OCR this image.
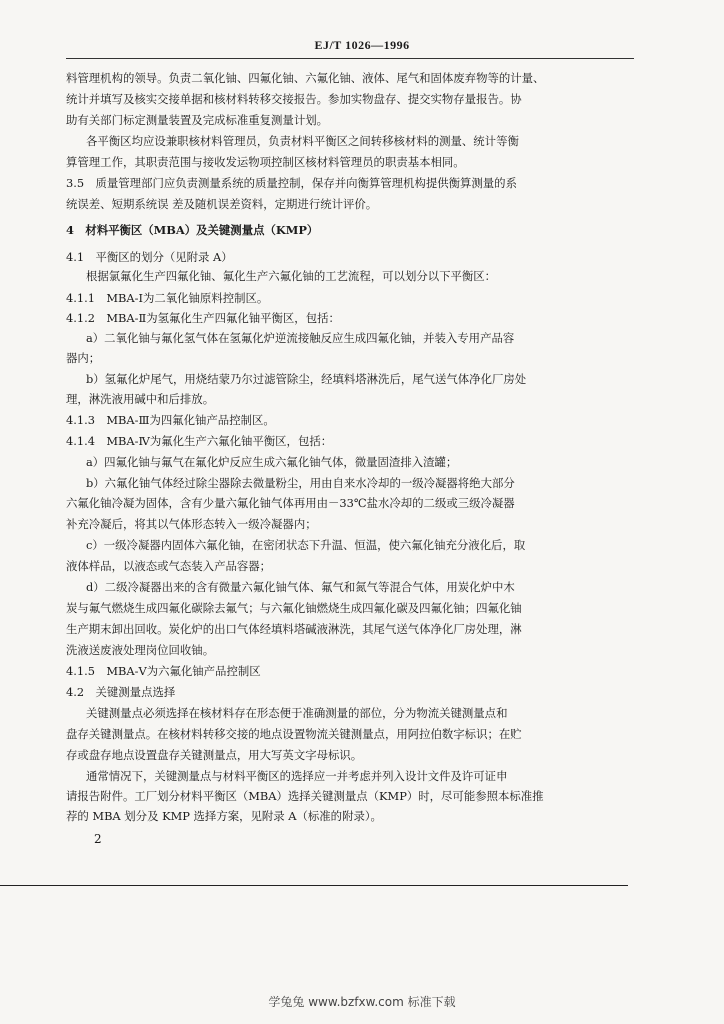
EJ/T 1026—1996
料管理机构的领导。负责二氧化铀、四氟化铀、六氟化铀、液体、尾气和固体废弃物等的计量、
统计并填写及核实交接单据和核材料转移交接报告。参加实物盘存、提交实物存量报告。协
助有关部门标定测量装置及完成标准重复测量计划。
各平衡区均应设兼职核材料管理员，负责材料平衡区之间转移核材料的测量、统计等衡
算管理工作，其职责范围与接收发运物项控制区核材料管理员的职责基本相同。
3.5　质量管理部门应负责测量系统的质量控制，保存并向衡算管理机构提供衡算测量的系
统误差、短期系统误 差及随机误差资料，定期进行统计评价。
4　材料平衡区（MBA）及关键测量点（KMP）
4.1　平衡区的划分（见附录 A）
根据氯氟化生产四氟化铀、氟化生产六氟化铀的工艺流程，可以划分以下平衡区：
4.1.1　MBA-Ⅰ为二氧化铀原料控制区。
4.1.2　MBA-Ⅱ为氢氟化生产四氟化铀平衡区，包括：
a）二氧化铀与氟化氢气体在氢氟化炉逆流接触反应生成四氟化铀，并装入专用产品容
器内；
b）氢氟化炉尾气，用烧结蒙乃尔过滤管除尘，经填料塔淋洗后，尾气送气体净化厂房处
理，淋洗液用碱中和后排放。
4.1.3　MBA-Ⅲ为四氟化铀产品控制区。
4.1.4　MBA-Ⅳ为氟化生产六氟化铀平衡区，包括：
a）四氟化铀与氟气在氟化炉反应生成六氟化铀气体，微量固渣排入渣罐；
b）六氟化铀气体经过除尘器除去微量粉尘，用由自来水冷却的一级冷凝器将绝大部分
六氟化铀冷凝为固体，含有少量六氟化铀气体再用由－33℃盐水冷却的二级或三级冷凝器
补充冷凝后，将其以气体形态转入一级冷凝器内；
c）一级冷凝器内固体六氟化铀，在密闭状态下升温、恒温，使六氟化铀充分液化后，取
液体样品，以液态或气态装入产品容器；
d）二级冷凝器出来的含有微量六氟化铀气体、氟气和氮气等混合气体，用炭化炉中木
炭与氟气燃烧生成四氟化碳除去氟气；与六氟化铀燃烧生成四氟化碳及四氟化铀；四氟化铀
生产期末卸出回收。炭化炉的出口气体经填料塔碱液淋洗，其尾气送气体净化厂房处理，淋
洗液送废液处理岗位回收铀。
4.1.5　MBA-Ⅴ为六氟化铀产品控制区
4.2　关键测量点选择
关键测量点必须选择在核材料存在形态便于准确测量的部位，分为物流关键测量点和
盘存关键测量点。在核材料转移交接的地点设置物流关键测量点，用阿拉伯数字标识；在贮
存或盘存地点设置盘存关键测量点，用大写英文字母标识。
通常情况下，关键测量点与材料平衡区的选择应一并考虑并列入设计文件及许可证申
请报告附件。工厂划分材料平衡区（MBA）选择关键测量点（KMP）时，尽可能参照本标准推
荐的 MBA 划分及 KMP 选择方案，见附录 A（标准的附录）。
2
学兔兔 www.bzfxw.com 标准下载
